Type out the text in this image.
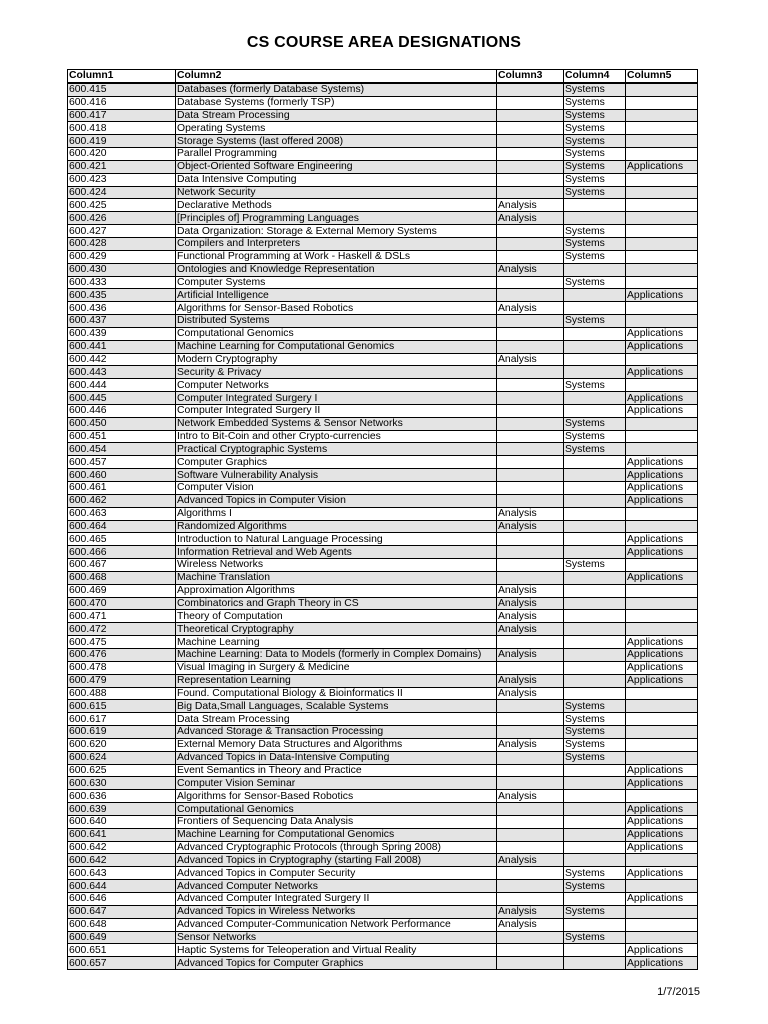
CS COURSE AREA DESIGNATIONS
Column1	Column2	Column3	Column4	Column5
600.415	Databases (formerly Database Systems)		Systems	
600.416	Database Systems (formerly TSP)		Systems	
600.417	Data Stream Processing		Systems	
600.418	Operating Systems		Systems	
600.419	Storage Systems (last offered 2008)		Systems	
600.420	Parallel Programming		Systems	
600.421	Object-Oriented Software Engineering		Systems	Applications
600.423	Data Intensive Computing		Systems	
600.424	Network Security		Systems	
600.425	Declarative Methods	Analysis		
600.426	[Principles of] Programming Languages	Analysis		
600.427	Data Organization: Storage & External Memory Systems		Systems	
600.428	Compilers and Interpreters		Systems	
600.429	Functional Programming at Work - Haskell & DSLs		Systems	
600.430	Ontologies and Knowledge Representation	Analysis		
600.433	Computer Systems		Systems	
600.435	Artificial Intelligence			Applications
600.436	Algorithms for Sensor-Based Robotics	Analysis		
600.437	Distributed Systems		Systems	
600.439	Computational Genomics			Applications
600.441	Machine Learning for Computational Genomics			Applications
600.442	Modern Cryptography	Analysis		
600.443	Security & Privacy			Applications
600.444	Computer Networks		Systems	
600.445	Computer Integrated Surgery I			Applications
600.446	Computer Integrated Surgery II			Applications
600.450	Network Embedded Systems & Sensor Networks		Systems	
600.451	Intro to Bit-Coin and other Crypto-currencies		Systems	
600.454	Practical Cryptographic Systems		Systems	
600.457	Computer Graphics			Applications
600.460	Software Vulnerability Analysis			Applications
600.461	Computer Vision			Applications
600.462	Advanced Topics in Computer Vision			Applications
600.463	Algorithms I	Analysis		
600.464	Randomized Algorithms	Analysis		
600.465	Introduction to Natural Language Processing			Applications
600.466	Information Retrieval and Web Agents			Applications
600.467	Wireless Networks		Systems	
600.468	Machine Translation			Applications
600.469	Approximation Algorithms	Analysis		
600.470	Combinatorics and Graph Theory in CS	Analysis		
600.471	Theory of Computation	Analysis		
600.472	Theoretical Cryptography	Analysis		
600.475	Machine Learning			Applications
600.476	Machine Learning: Data to Models (formerly in Complex Domains)	Analysis		Applications
600.478	Visual Imaging in Surgery & Medicine			Applications
600.479	Representation Learning	Analysis		Applications
600.488	Found. Computational Biology & Bioinformatics II	Analysis		
600.615	Big Data,Small Languages, Scalable Systems		Systems	
600.617	Data Stream Processing		Systems	
600.619	Advanced Storage & Transaction Processing		Systems	
600.620	External Memory Data Structures and Algorithms	Analysis	Systems	
600.624	Advanced Topics in Data-Intensive Computing		Systems	
600.625	Event Semantics in Theory and Practice			Applications
600.630	Computer Vision Seminar			Applications
600.636	Algorithms for Sensor-Based Robotics	Analysis		
600.639	Computational Genomics			Applications
600.640	Frontiers of Sequencing Data Analysis			Applications
600.641	Machine Learning for Computational Genomics			Applications
600.642	Advanced Cryptographic Protocols (through Spring 2008)			Applications
600.642	Advanced Topics in Cryptography (starting Fall 2008)	Analysis		
600.643	Advanced Topics in Computer Security		Systems	Applications
600.644	Advanced Computer Networks		Systems	
600.646	Advanced Computer Integrated Surgery II			Applications
600.647	Advanced Topics in Wireless Networks	Analysis	Systems	
600.648	Advanced Computer-Communication Network Performance	Analysis		
600.649	Sensor Networks		Systems	
600.651	Haptic Systems for Teleoperation and Virtual Reality			Applications
600.657	Advanced Topics for Computer Graphics			Applications
1/7/2015
